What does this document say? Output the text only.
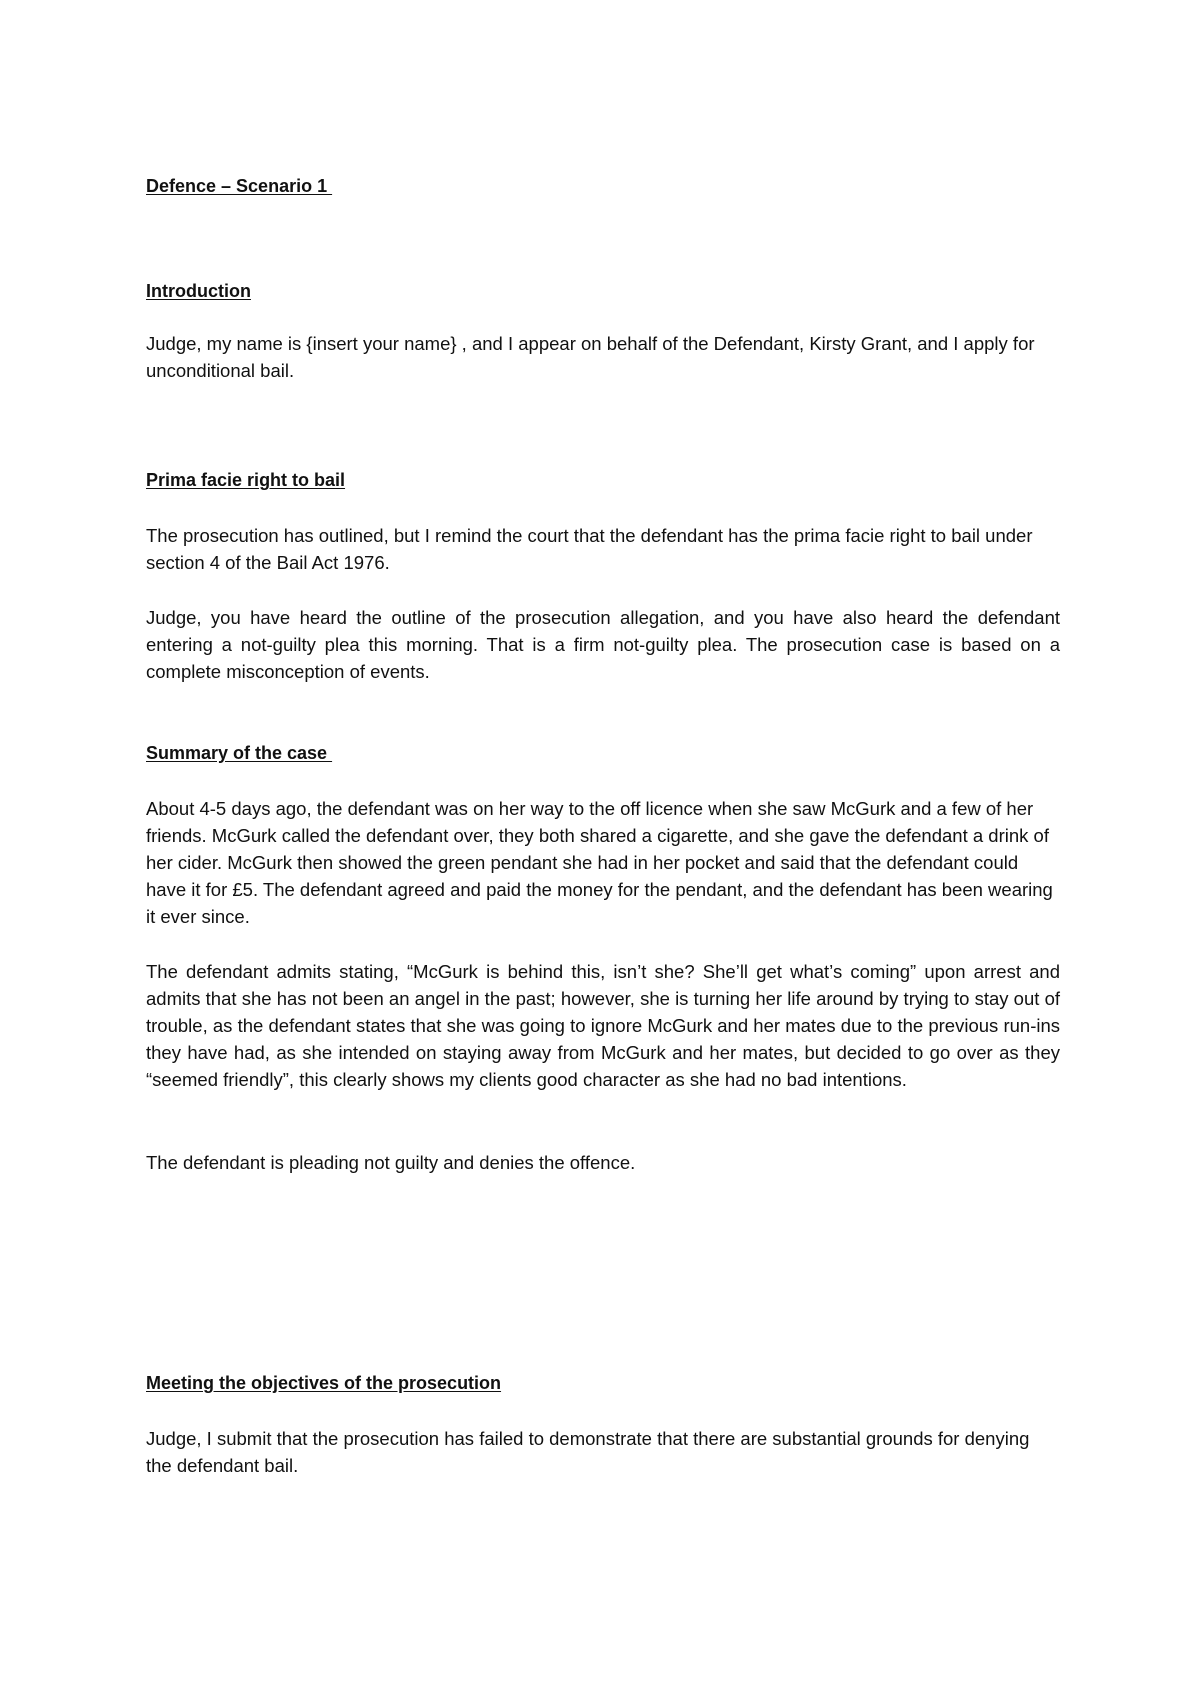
Defence – Scenario 1

Introduction

Judge, my name is {insert your name} , and I appear on behalf of the Defendant, Kirsty Grant, and I apply for unconditional bail.

Prima facie right to bail

The prosecution has outlined, but I remind the court that the defendant has the prima facie right to bail under section 4 of the Bail Act 1976.

Judge, you have heard the outline of the prosecution allegation, and you have also heard the defendant entering a not-guilty plea this morning. That is a firm not-guilty plea. The prosecution case is based on a complete misconception of events.

Summary of the case

About 4-5 days ago, the defendant was on her way to the off licence when she saw McGurk and a few of her friends. McGurk called the defendant over, they both shared a cigarette, and she gave the defendant a drink of her cider. McGurk then showed the green pendant she had in her pocket and said that the defendant could have it for £5. The defendant agreed and paid the money for the pendant, and the defendant has been wearing it ever since.

The defendant admits stating, “McGurk is behind this, isn’t she? She’ll get what’s coming” upon arrest and admits that she has not been an angel in the past; however, she is turning her life around by trying to stay out of trouble, as the defendant states that she was going to ignore McGurk and her mates due to the previous run-ins they have had, as she intended on staying away from McGurk and her mates, but decided to go over as they “seemed friendly”, this clearly shows my clients good character as she had no bad intentions.

The defendant is pleading not guilty and denies the offence.

Meeting the objectives of the prosecution

Judge, I submit that the prosecution has failed to demonstrate that there are substantial grounds for denying the defendant bail.
